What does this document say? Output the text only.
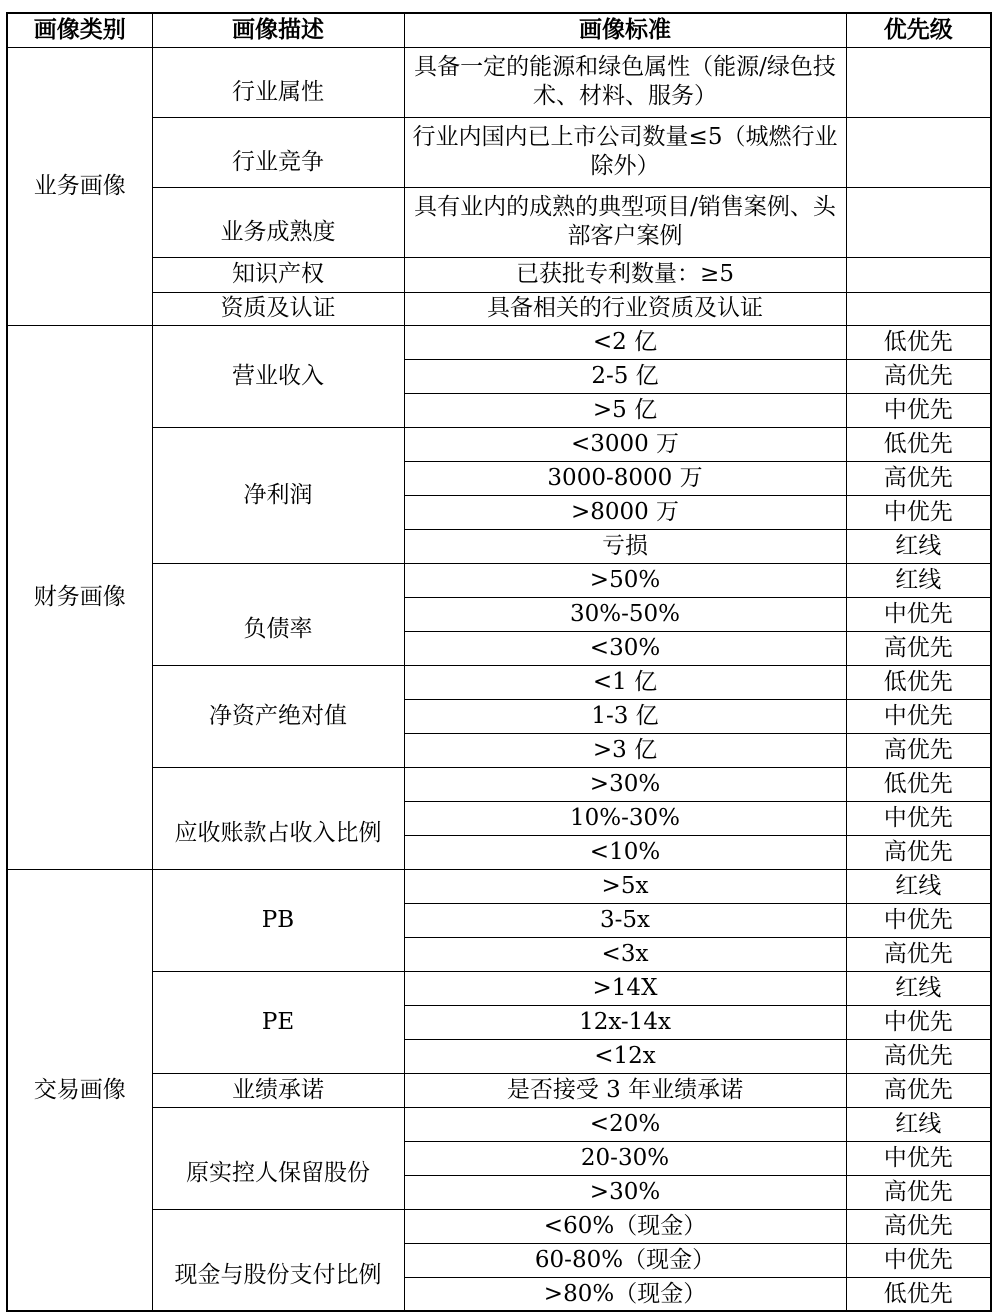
画像类别	画像描述	画像标准	优先级
业务画像	行业属性	具备一定的能源和绿色属性（能源/绿色技术、材料、服务）	
	行业竞争	行业内国内已上市公司数量≤5（城燃行业除外）	
	业务成熟度	具有业内的成熟的典型项目/销售案例、头部客户案例	
	知识产权	已获批专利数量：≥5	
	资质及认证	具备相关的行业资质及认证	
财务画像	营业收入	<2 亿	低优先
		2-5 亿	高优先
		>5 亿	中优先
	净利润	<3000 万	低优先
		3000-8000 万	高优先
		>8000 万	中优先
		亏损	红线
	负债率	>50%	红线
		30%-50%	中优先
		<30%	高优先
	净资产绝对值	<1 亿	低优先
		1-3 亿	中优先
		>3 亿	高优先
	应收账款占收入比例	>30%	低优先
		10%-30%	中优先
		<10%	高优先
交易画像	PB	>5x	红线
		3-5x	中优先
		<3x	高优先
	PE	>14X	红线
		12x-14x	中优先
		<12x	高优先
	业绩承诺	是否接受 3 年业绩承诺	高优先
	原实控人保留股份	<20%	红线
		20-30%	中优先
		>30%	高优先
	现金与股份支付比例	<60%（现金）	高优先
		60-80%（现金）	中优先
		>80%（现金）	低优先
